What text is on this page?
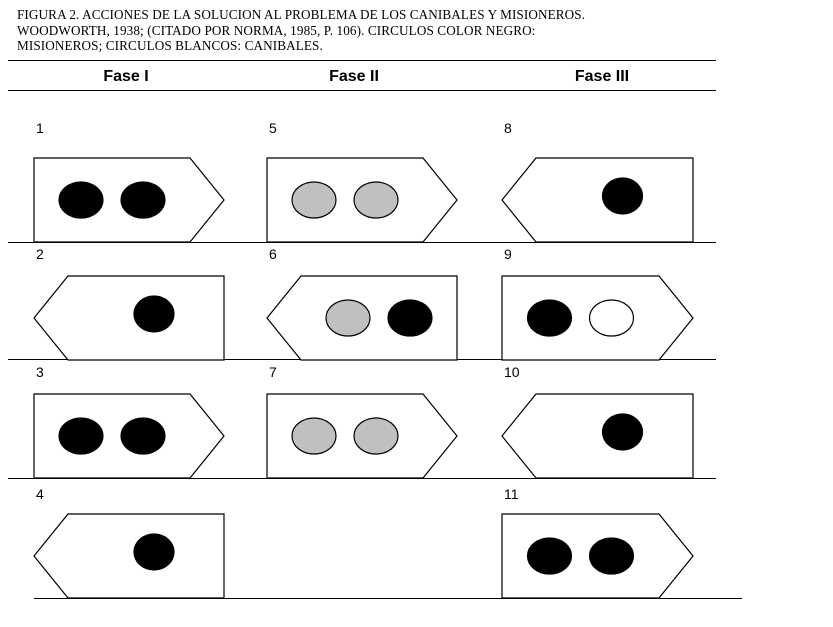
FIGURA 2. ACCIONES DE LA SOLUCION AL PROBLEMA DE LOS CANIBALES Y MISIONEROS.
WOODWORTH, 1938; (CITADO POR NORMA, 1985, P. 106). CIRCULOS COLOR NEGRO:
MISIONEROS; CIRCULOS BLANCOS: CANIBALES.
Fase I	Fase II	Fase III
1
2
3
4
5
6
7
8
9
10
11
